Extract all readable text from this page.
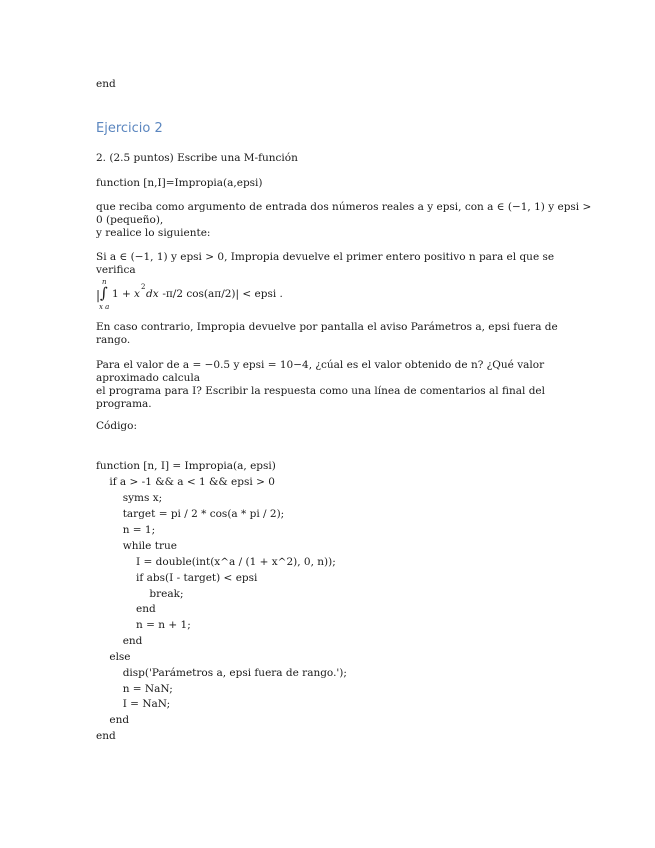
end
Ejercicio 2
2. (2.5 puntos) Escribe una M-función
function [n,I]=Impropia(a,epsi)
que reciba como argumento de entrada dos números reales a y epsi, con a ∈ (−1, 1) y epsi >
0 (pequeño),
y realice lo siguiente:
Si a ∈ (−1, 1) y epsi > 0, Impropia devuelve el primer entero positivo n para el que se
verifica
| ∫
n
x a
1 + x
2
dx -π/2 cos(aπ/2)| < epsi .
En caso contrario, Impropia devuelve por pantalla el aviso Parámetros a, epsi fuera de
rango.
Para el valor de a = −0.5 y epsi = 10−4, ¿cúal es el valor obtenido de n? ¿Qué valor
aproximado calcula
el programa para I? Escribir la respuesta como una línea de comentarios al final del
programa.
Código:
function [n, I] = Impropia(a, epsi)
if a > -1 && a < 1 && epsi > 0
syms x;
target = pi / 2 * cos(a * pi / 2);
n = 1;
while true
I = double(int(x^a / (1 + x^2), 0, n));
if abs(I - target) < epsi
break;
end
n = n + 1;
end
else
disp('Parámetros a, epsi fuera de rango.');
n = NaN;
I = NaN;
end
end
